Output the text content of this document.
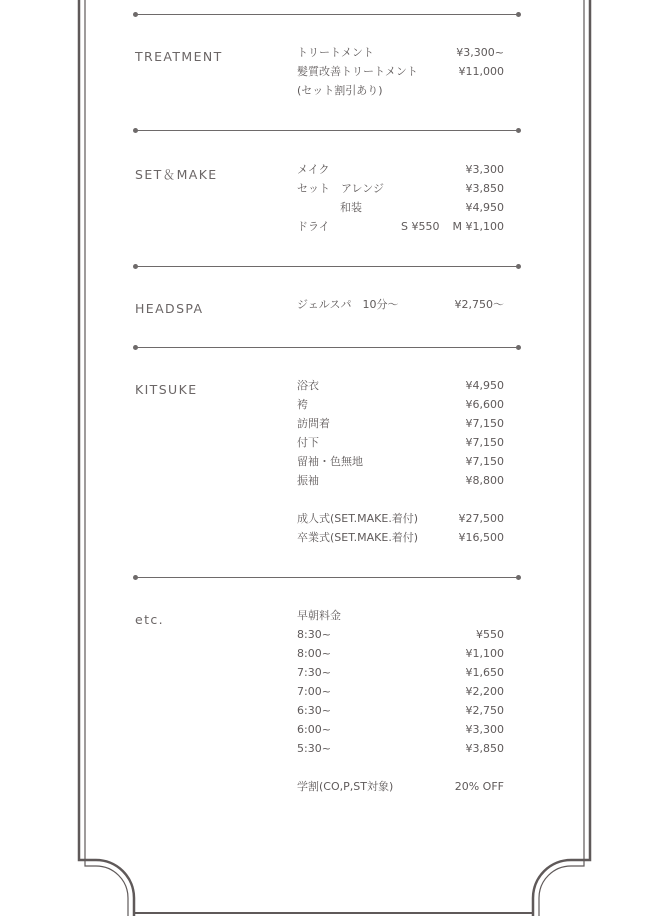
TREATMENT	トリートメント	¥3,300~
髪質改善トリートメント	¥11,000
(セット割引あり)
SET＆MAKE	メイク	¥3,300
セット　アレンジ	¥3,850
和装	¥4,950
ドライ	S ¥550 M ¥1,100
HEADSPA	ジェルスパ　10分～	¥2,750～
KITSUKE	浴衣	¥4,950
袴	¥6,600
訪問着	¥7,150
付下	¥7,150
留袖・色無地	¥7,150
振袖	¥8,800
成人式(SET.MAKE.着付)	¥27,500
卒業式(SET.MAKE.着付)	¥16,500
etc.	早朝料金
8:30~	¥550
8:00~	¥1,100
7:30~	¥1,650
7:00~	¥2,200
6:30~	¥2,750
6:00~	¥3,300
5:30~	¥3,850
学割(CO,P,ST対象)	20% OFF
